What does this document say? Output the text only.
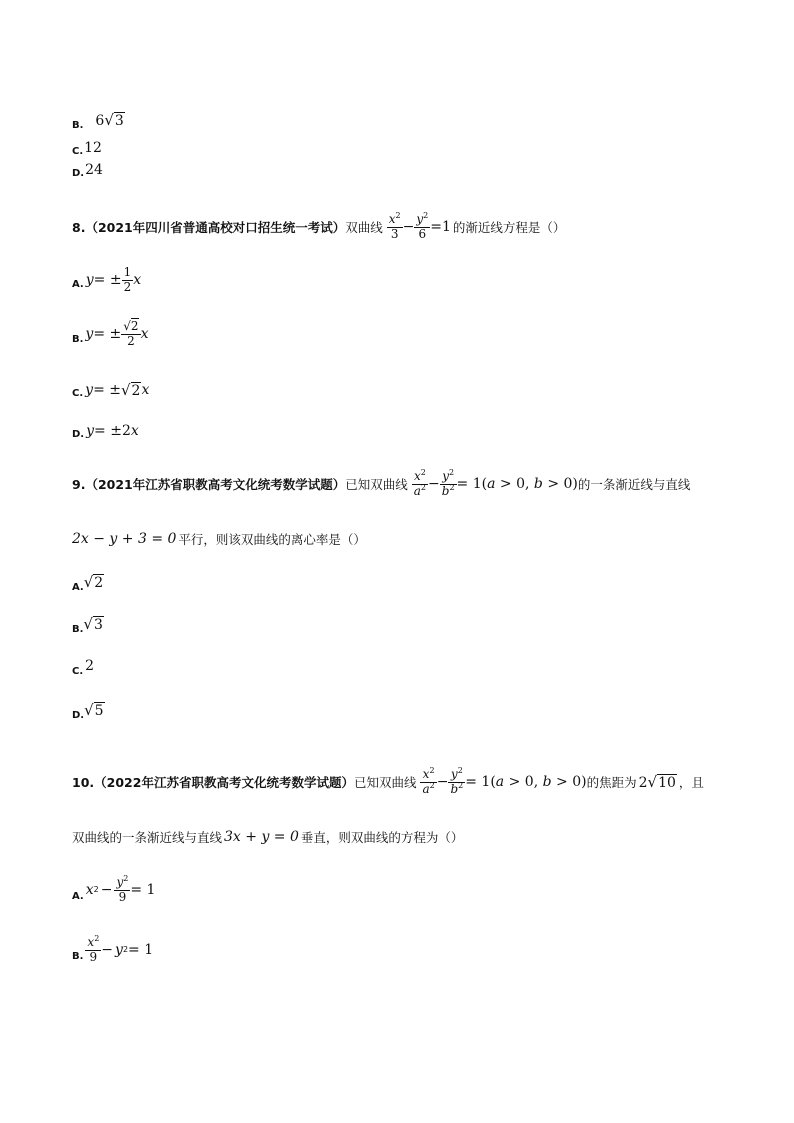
B. 6√3
C. 12
D. 24
8. （2021年四川省普通高校对口招生统一考试） 双曲线 $\frac{x^2}{3} - \frac{y^2}{6} = 1$ 的渐近线方程是（）
A. y = ± $\frac{1}{2}$ x
B. y = ± $\frac{√2}{2}$ x
C. y = ± √2 x
D. y = ±2 x
9. （2021年江苏省职教高考文化统考数学试题） 已知双曲线 $\frac{x^2}{a^2} - \frac{y^2}{b^2} = 1(a > 0$, b > 0) 的一条渐近线与直线
2x − y + 3 = 0 平行，则该双曲线的离心率是（）
A. √2
B. √3
C. 2
D. √5
10. （2022年江苏省职教高考文化统考数学试题） 已知双曲线 $\frac{x^2}{a^2} - \frac{y^2}{b^2} = 1(a > 0$, b > 0) 的焦距为 2√10 ，且
双曲线的一条渐近线与直线 3x + y = 0 垂直，则双曲线的方程为（）
A. x $2 - \frac{y^2}{9} = 1$
B. $\frac{x^2}{9} - y$ 2 = 1
